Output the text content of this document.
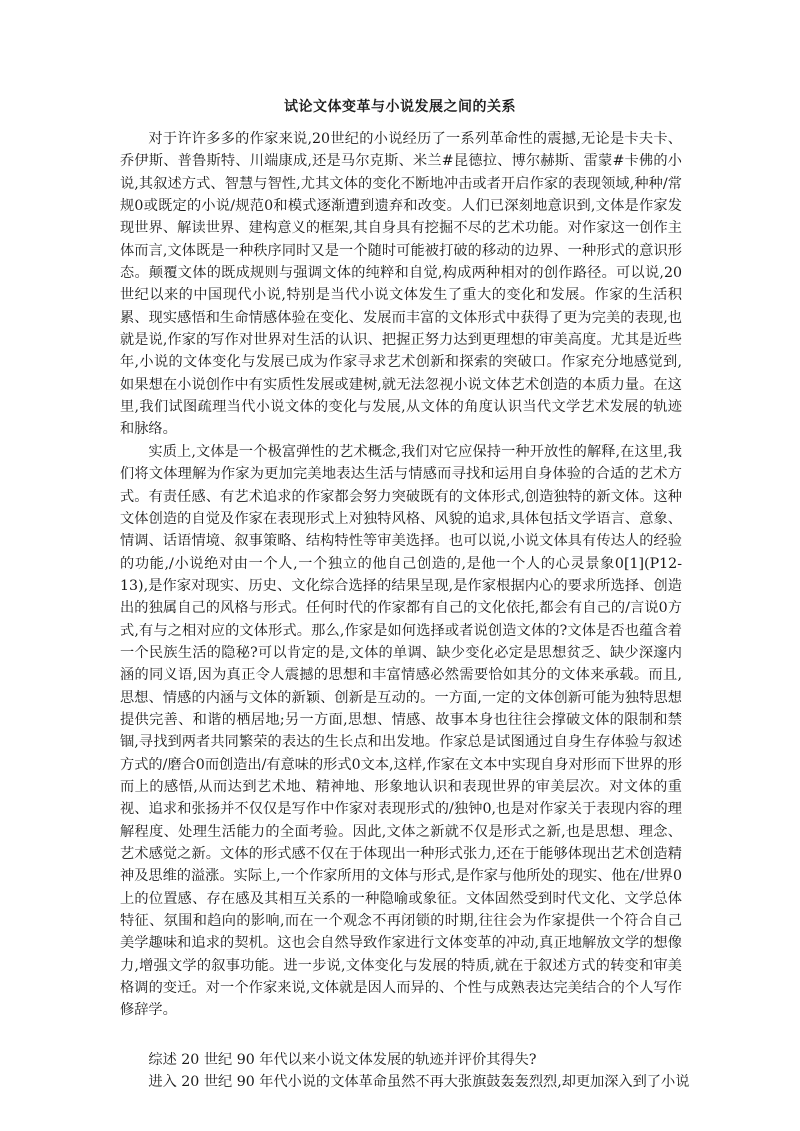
试论文体变革与小说发展之间的关系

对于许许多多的作家来说,20世纪的小说经历了一系列革命性的震撼,无论是卡夫卡、乔伊斯、普鲁斯特、川端康成,还是马尔克斯、米兰#昆德拉、博尔赫斯、雷蒙#卡佛的小说,其叙述方式、智慧与智性,尤其文体的变化不断地冲击或者开启作家的表现领域,种种/常规0或既定的小说/规范0和模式逐渐遭到遗弃和改变。人们已深刻地意识到,文体是作家发现世界、解读世界、建构意义的框架,其自身具有挖掘不尽的艺术功能。对作家这一创作主体而言,文体既是一种秩序同时又是一个随时可能被打破的移动的边界、一种形式的意识形态。颠覆文体的既成规则与强调文体的纯粹和自觉,构成两种相对的创作路径。可以说,20世纪以来的中国现代小说,特别是当代小说文体发生了重大的变化和发展。作家的生活积累、现实感悟和生命情感体验在变化、发展而丰富的文体形式中获得了更为完美的表现,也就是说,作家的写作对世界对生活的认识、把握正努力达到更理想的审美高度。尤其是近些年,小说的文体变化与发展已成为作家寻求艺术创新和探索的突破口。作家充分地感觉到,如果想在小说创作中有实质性发展或建树,就无法忽视小说文体艺术创造的本质力量。在这里,我们试图疏理当代小说文体的变化与发展,从文体的角度认识当代文学艺术发展的轨迹和脉络。

实质上,文体是一个极富弹性的艺术概念,我们对它应保持一种开放性的解释,在这里,我们将文体理解为作家为更加完美地表达生活与情感而寻找和运用自身体验的合适的艺术方式。有责任感、有艺术追求的作家都会努力突破既有的文体形式,创造独特的新文体。这种文体创造的自觉及作家在表现形式上对独特风格、风貌的追求,具体包括文学语言、意象、情调、话语情境、叙事策略、结构特性等审美选择。也可以说,小说文体具有传达人的经验的功能,/小说绝对由一个人,一个独立的他自己创造的,是他一个人的心灵景象0[1](P12-13),是作家对现实、历史、文化综合选择的结果呈现,是作家根据内心的要求所选择、创造出的独属自己的风格与形式。任何时代的作家都有自己的文化依托,都会有自己的/言说0方式,有与之相对应的文体形式。那么,作家是如何选择或者说创造文体的?文体是否也蕴含着一个民族生活的隐秘?可以肯定的是,文体的单调、缺少变化必定是思想贫乏、缺少深邃内涵的同义语,因为真正令人震撼的思想和丰富情感必然需要恰如其分的文体来承载。而且,思想、情感的内涵与文体的新颖、创新是互动的。一方面,一定的文体创新可能为独特思想提供完善、和谐的栖居地;另一方面,思想、情感、故事本身也往往会撑破文体的限制和禁锢,寻找到两者共同繁荣的表达的生长点和出发地。作家总是试图通过自身生存体验与叙述方式的/磨合0而创造出/有意味的形式0文本,这样,作家在文本中实现自身对形而下世界的形而上的感悟,从而达到艺术地、精神地、形象地认识和表现世界的审美层次。对文体的重视、追求和张扬并不仅仅是写作中作家对表现形式的/独钟0,也是对作家关于表现内容的理解程度、处理生活能力的全面考验。因此,文体之新就不仅是形式之新,也是思想、理念、艺术感觉之新。文体的形式感不仅在于体现出一种形式张力,还在于能够体现出艺术创造精神及思维的溢涨。实际上,一个作家所用的文体与形式,是作家与他所处的现实、他在/世界0上的位置感、存在感及其相互关系的一种隐喻或象征。文体固然受到时代文化、文学总体特征、氛围和趋向的影响,而在一个观念不再闭锁的时期,往往会为作家提供一个符合自己美学趣味和追求的契机。这也会自然导致作家进行文体变革的冲动,真正地解放文学的想像力,增强文学的叙事功能。进一步说,文体变化与发展的特质,就在于叙述方式的转变和审美格调的变迁。对一个作家来说,文体就是因人而异的、个性与成熟表达完美结合的个人写作修辞学。

综述 20 世纪 90 年代以来小说文体发展的轨迹并评价其得失?

进入 20 世纪 90 年代小说的文体革命虽然不再大张旗鼓轰轰烈烈,却更加深入到了小说
